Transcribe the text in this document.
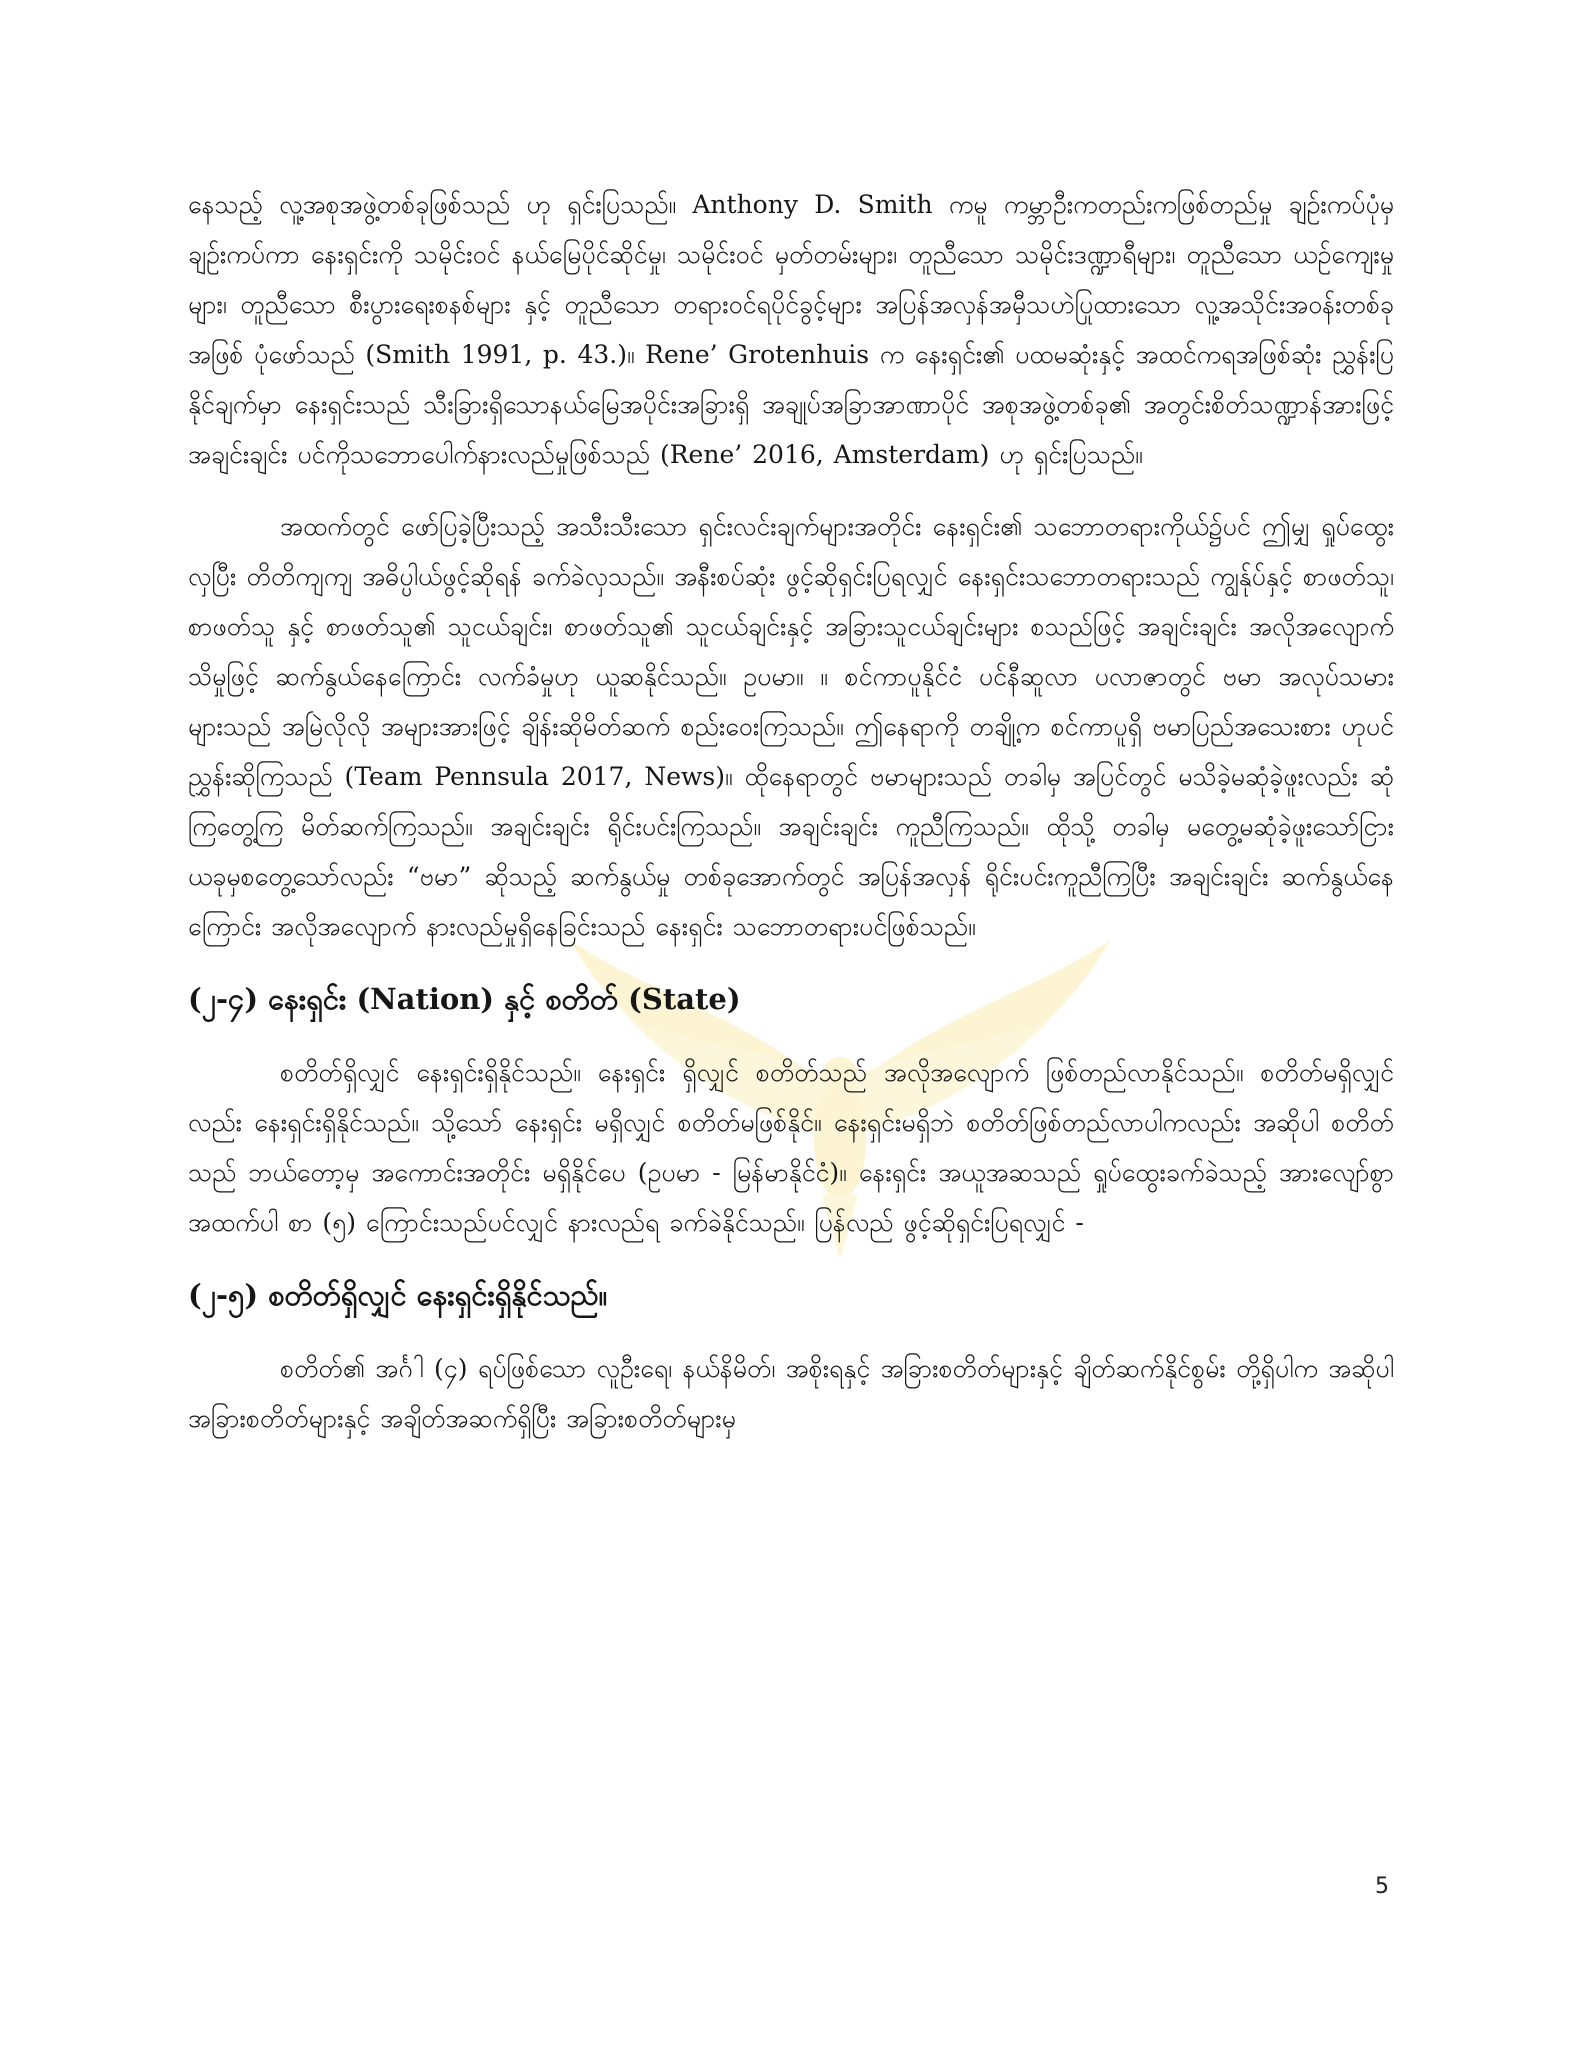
နေသည့် လူ့အစုအဖွဲ့တစ်ခုဖြစ်သည် ဟု ရှင်းပြသည်။ Anthony D. Smith ကမူ ကမ္ဘာဦးကတည်းကဖြစ်တည်မှု ချဉ်းကပ်ပုံမှ ချဉ်းကပ်ကာ နေးရှင်းကို သမိုင်းဝင် နယ်မြေပိုင်ဆိုင်မှု၊ သမိုင်းဝင် မှတ်တမ်းများ၊ တူညီသော သမိုင်းဒဏ္ဍာရီများ၊ တူညီသော ယဉ်ကျေးမှုများ၊ တူညီသော စီးပွားရေးစနစ်များ နှင့် တူညီသော တရားဝင်ရပိုင်ခွင့်များ အပြန်အလှန်အမှီသဟဲပြုထားသော လူ့အသိုင်းအဝန်းတစ်ခုအဖြစ် ပုံဖော်သည် (Smith 1991, p. 43.)။ Rene’ Grotenhuis က နေးရှင်း၏ ပထမဆုံးနှင့် အထင်ကရအဖြစ်ဆုံး ညွှန်းပြနိုင်ချက်မှာ နေးရှင်းသည် သီးခြားရှိသောနယ်မြေအပိုင်းအခြားရှိ အချုပ်အခြာအာဏာပိုင် အစုအဖွဲ့တစ်ခု၏ အတွင်းစိတ်သဏ္ဍာန်အားဖြင့် အချင်းချင်း ပင်ကိုသဘောပေါက်နားလည်မှုဖြစ်သည် (Rene’ 2016, Amsterdam) ဟု ရှင်းပြသည်။

အထက်တွင် ဖော်ပြခဲ့ပြီးသည့် အသီးသီးသော ရှင်းလင်းချက်များအတိုင်း နေးရှင်း၏ သဘောတရားကိုယ်၌ပင် ဤမျှ ရှုပ်ထွေးလှပြီး တိတိကျကျ အဓိပ္ပါယ်ဖွင့်ဆိုရန် ခက်ခဲလှသည်။ အနီးစပ်ဆုံး ဖွင့်ဆိုရှင်းပြရလျှင် နေးရှင်းသဘောတရားသည် ကျွန်ုပ်နှင့် စာဖတ်သူ၊ စာဖတ်သူ နှင့် စာဖတ်သူ၏ သူငယ်ချင်း၊ စာဖတ်သူ၏ သူငယ်ချင်းနှင့် အခြားသူငယ်ချင်းများ စသည်ဖြင့် အချင်းချင်း အလိုအလျောက်သိမှုဖြင့် ဆက်နွယ်နေကြောင်း လက်ခံမှုဟု ယူဆနိုင်သည်။ ဥပမာ။ ။ စင်ကာပူနိုင်ငံ ပင်နီဆူလာ ပလာဇာတွင် ဗမာ အလုပ်သမားများသည် အမြဲလိုလို အများအားဖြင့် ချိန်းဆိုမိတ်ဆက် စည်းဝေးကြသည်။ ဤနေရာကို တချို့က စင်ကာပူရှိ ဗမာပြည်အသေးစား ဟုပင် ညွှန်းဆိုကြသည် (Team Pennsula 2017, News)။ ထိုနေရာတွင် ဗမာများသည် တခါမှ အပြင်တွင် မသိခဲ့မဆုံခဲ့ဖူးလည်း ဆုံကြတွေ့ကြ မိတ်ဆက်ကြသည်။ အချင်းချင်း ရိုင်းပင်းကြသည်။ အချင်းချင်း ကူညီကြသည်။ ထိုသို့ တခါမှ မတွေ့မဆုံခဲ့ဖူးသော်ငြား ယခုမှစတွေ့သော်လည်း “ဗမာ” ဆိုသည့် ဆက်နွယ်မှု တစ်ခုအောက်တွင် အပြန်အလှန် ရိုင်းပင်းကူညီကြပြီး အချင်းချင်း ဆက်နွယ်နေကြောင်း အလိုအလျောက် နားလည်မှုရှိနေခြင်းသည် နေးရှင်း သဘောတရားပင်ဖြစ်သည်။

(၂-၄) နေးရှင်း (Nation) နှင့် စတိတ် (State)

စတိတ်ရှိလျှင် နေးရှင်းရှိနိုင်သည်။ နေးရှင်း ရှိလျှင် စတိတ်သည် အလိုအလျောက် ဖြစ်တည်လာနိုင်သည်။ စတိတ်မရှိလျှင်လည်း နေးရှင်းရှိနိုင်သည်။ သို့သော် နေးရှင်း မရှိလျှင် စတိတ်မဖြစ်နိုင်။ နေးရှင်းမရှိဘဲ စတိတ်ဖြစ်တည်လာပါကလည်း အဆိုပါ စတိတ်သည် ဘယ်တော့မှ အကောင်းအတိုင်း မရှိနိုင်ပေ (ဥပမာ - မြန်မာနိုင်ငံ)။ နေးရှင်း အယူအဆသည် ရှုပ်ထွေးခက်ခဲသည့် အားလျော်စွာ အထက်ပါ စာ (၅) ကြောင်းသည်ပင်လျှင် နားလည်ရ ခက်ခဲနိုင်သည်။ ပြန်လည် ဖွင့်ဆိုရှင်းပြရလျှင် -

(၂-၅) စတိတ်ရှိလျှင် နေးရှင်းရှိနိုင်သည်။

စတိတ်၏ အင်္ဂါ (၄) ရပ်ဖြစ်သော လူဦးရေ၊ နယ်နိမိတ်၊ အစိုးရနှင့် အခြားစတိတ်များနှင့် ချိတ်ဆက်နိုင်စွမ်း တို့ရှိပါက အဆိုပါ အခြားစတိတ်များနှင့် အချိတ်အဆက်ရှိပြီး အခြားစတိတ်များမှ

5
